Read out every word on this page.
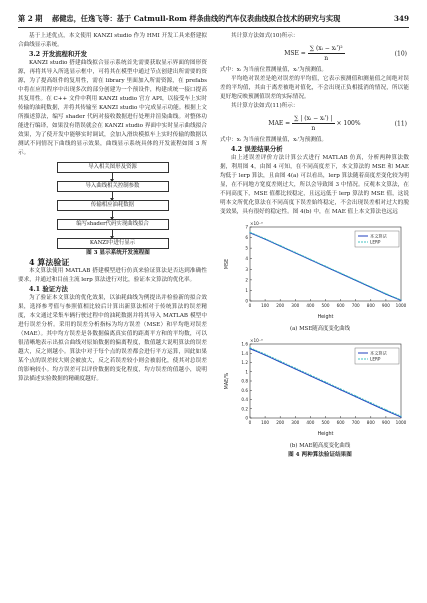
第 2 期 郝健忠，任逸飞等：基于 Catmull-Rom 样条曲线的汽车仪表曲线拟合技术的研究与实现	349

基于上述优点，本文使用 KANZI studio 作为 HMI 开发工具来搭建拟合曲线显示系统。

3.2 开发流程和开发

KANZI studio 搭建曲线拟合显示系统首先需要获取显示界面的图形资源，再将其导入所选显示框中，可将其在模型中通过节点创建出所需要的资源，为了提高组件的复用性，需在 library 里面加入所需资源，在 prefabs 中将在应用程序中出现多次的部分创建为一个预设件，构建成统一接口提高其复用性。在 C++ 文件中利用 KANZI studio 官方 API，以接受车上实时传输的油耗数据，并将其传输至 KANZI studio 中完成显示功能。根据上文所描述算法，编写 shader 代码对接收数据进行处理并渲染曲线。对整体功能进行编译，如果没有错误就会在 KANZI studio 界面中实时显示曲线拟合效果，为了使开发中能够实时调试，会加入滑块模拟车上实时传输的数据以测试不同情况下曲线的显示效果，曲线显示系统具体的开发流程如图 3 所示。

导入相关图形及资源
导入曲线相关控制参数
传输相应油耗数据
编写shader代码实现曲线拟合
KANZI中进行显示

图 3 显示系统开发流程图

4 算法验证

本文算法使用 MATLAB 搭建模型进行仿真来验证算法是否达到准确性要求，并通过和目前主流 lerp 算法进行对比，验证本文算法的优化率。

4.1 验证方法

为了验证本文算法的优化效果，以油耗曲线为例提出并检验新的拟合效果，选择参考值与参照值相比较后计算出新算法相对于传统算法的误差精度，本文通过采集车辆行驶过程中的油耗数据并将其导入 MATLAB 模型中进行误差分析。采用的误差分析指标为均方误差（MSE）和平均绝对误差（MAE）。其中均方误差是各数据偏离真实值的距离平方和的平均数，可以很清晰地表示出拟合曲线对原始数据的偏离程度，数值越大说明算法的误差越大，反之则越小。算法中对于每个点的误差都会进行平方运算，因此如果某个点的误差较大则会被放大，反之若误差较小则会被弱化，使其对总误差的影响较小。均方误差可以评价数据的变化程度，均方误差的值越小，说明算法描述实验数据的精确度越好。

其计算方法如式(10)所示：

MSE = $\frac{\text{∑ (xᵢ − xᵢ')²}}{n}$	(10)

式中：xᵢ 为当前位置测量值，xᵢ'为预测值。

平均绝对误差是绝对误差的平均值，它表示预测值和测量值之间绝对误差的平均值，其由于离差被绝对值化，不会出现正负相抵消的情况，所以能更好地反映预测值误差的实际情况。

其计算方法如式(11)所示：

MAE = $\frac{\text{∑ | (xᵢ − xᵢ') |}}{n} \times 100\%$	(11)

式中：xᵢ 为当前位置测量值，xᵢ'为预测值。

4.2 误差结果分析

由上述误差评价方法计算公式进行 MATLAB 仿真，分析两种算法数据，利用图 4，由图 4 可知，在不同高度差下，本文算法的 MSE 和 MAE 均低于 lerp 算法，且由图 4(a) 可以看出，lerp 算法随着高度差变化较为明显，在不同地方宽度差则过大，所以会导致图 3 中情况。反观本文算法，在不同高度下，MSE 值都比较稳定，且远远低于 lerp 算法的 MSE 值，这说明本文所优化算法在不同高度下误差始终稳定，不会出现误差相对过大的脱变效果，具有很好的稳定性。图 4(b) 中，在 MAE 值上本文算法也远远

0 100 200 300 400 500 600 700 800 900 1000
0
1
2
3
4
5
6
7
×10⁻³
Height
MSE
本文算法
LERP

(a) MSE随高度变化曲线

0 100 200 300 400 500 600 700 800 900 1000
0
0.2
0.4
0.6
0.8
1
1.2
1.4
1.6
×10⁻³
Height
MAE/%
本文算法
LERP

(b) MAE随高度变化曲线

图 4 两种算法验证结果图
